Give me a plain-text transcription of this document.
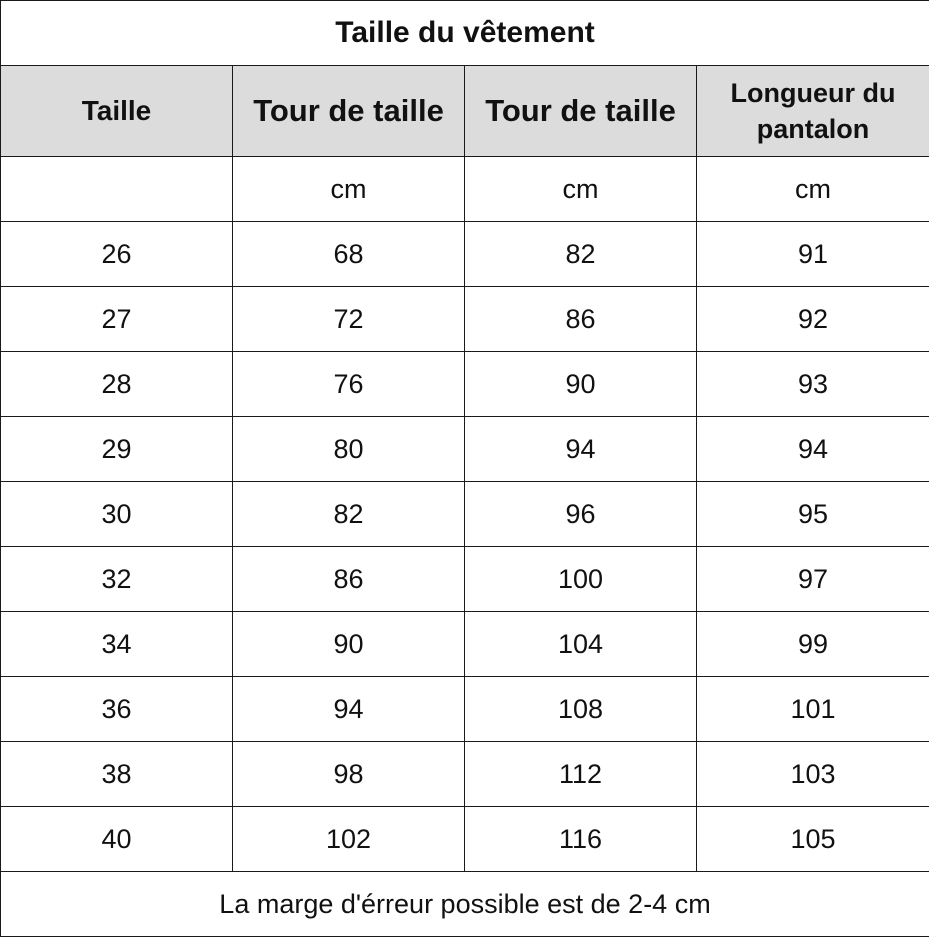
Taille du vêtement			
Taille	Tour de taille	Tour de taille	Longueur du pantalon
	cm	cm	cm
26	68	82	91
27	72	86	92
28	76	90	93
29	80	94	94
30	82	96	95
32	86	100	97
34	90	104	99
36	94	108	101
38	98	112	103
40	102	116	105
La marge d'érreur possible est de 2-4 cm			
